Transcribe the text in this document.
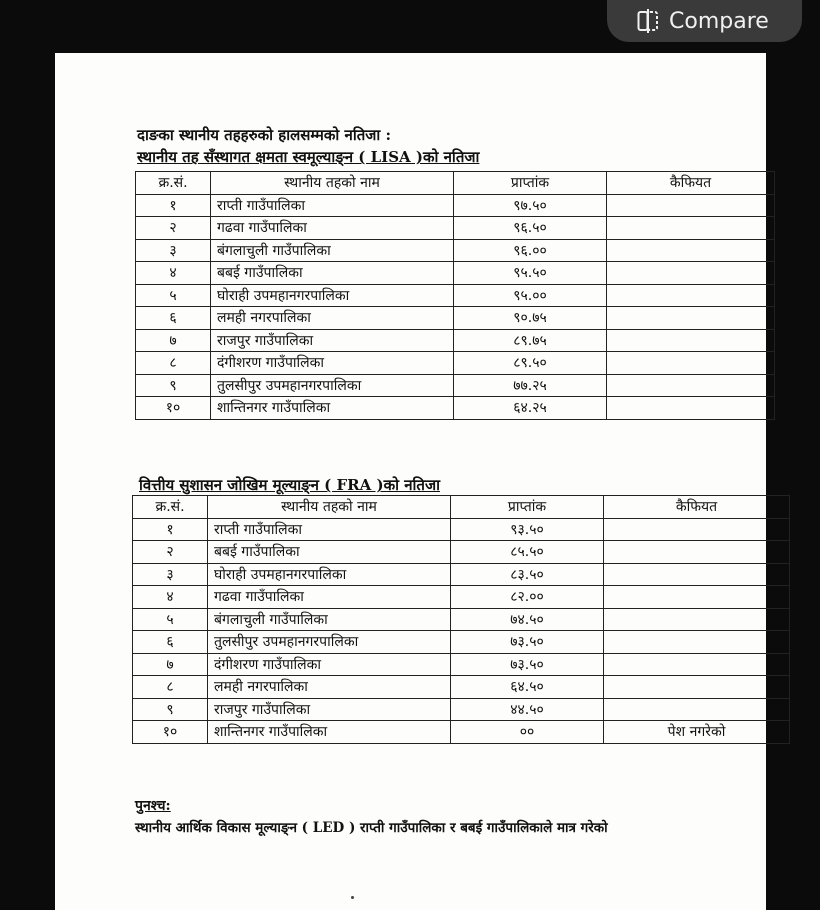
Compare
दाङका स्थानीय तहहरुको हालसम्मको नतिजा :
स्थानीय तह सँस्थागत क्षमता स्वमूल्याङ्न ( LISA )को नतिजा
क्र.सं.	स्थानीय तहको नाम	प्राप्तांक	कैफियत
१	राप्ती गाउँपालिका	९७.५०	
२	गढवा गाउँपालिका	९६.५०	
३	बंगलाचुली गाउँपालिका	९६.००	
४	बबई गाउँपालिका	९५.५०	
५	घोराही उपमहानगरपालिका	९५.००	
६	लमही नगरपालिका	९०.७५	
७	राजपुर गाउँपालिका	८९.७५	
८	दंगीशरण गाउँपालिका	८९.५०	
९	तुलसीपुर उपमहानगरपालिका	७७.२५	
१०	शान्तिनगर गाउँपालिका	६४.२५	
वित्तीय सुशासन जोखिम मूल्याङ्न ( FRA )को नतिजा
क्र.सं.	स्थानीय तहको नाम	प्राप्तांक	कैफियत
१	राप्ती गाउँपालिका	९३.५०	
२	बबई गाउँपालिका	८५.५०	
३	घोराही उपमहानगरपालिका	८३.५०	
४	गढवा गाउँपालिका	८२.००	
५	बंगलाचुली गाउँपालिका	७४.५०	
६	तुलसीपुर उपमहानगरपालिका	७३.५०	
७	दंगीशरण गाउँपालिका	७३.५०	
८	लमही नगरपालिका	६४.५०	
९	राजपुर गाउँपालिका	४४.५०	
१०	शान्तिनगर गाउँपालिका	००	पेश नगरेको
पुनश्च:
स्थानीय आर्थिक विकास मूल्याङ्न ( LED ) राप्ती गाउँपालिका र बबई गाउँपालिकाले मात्र गरेको
